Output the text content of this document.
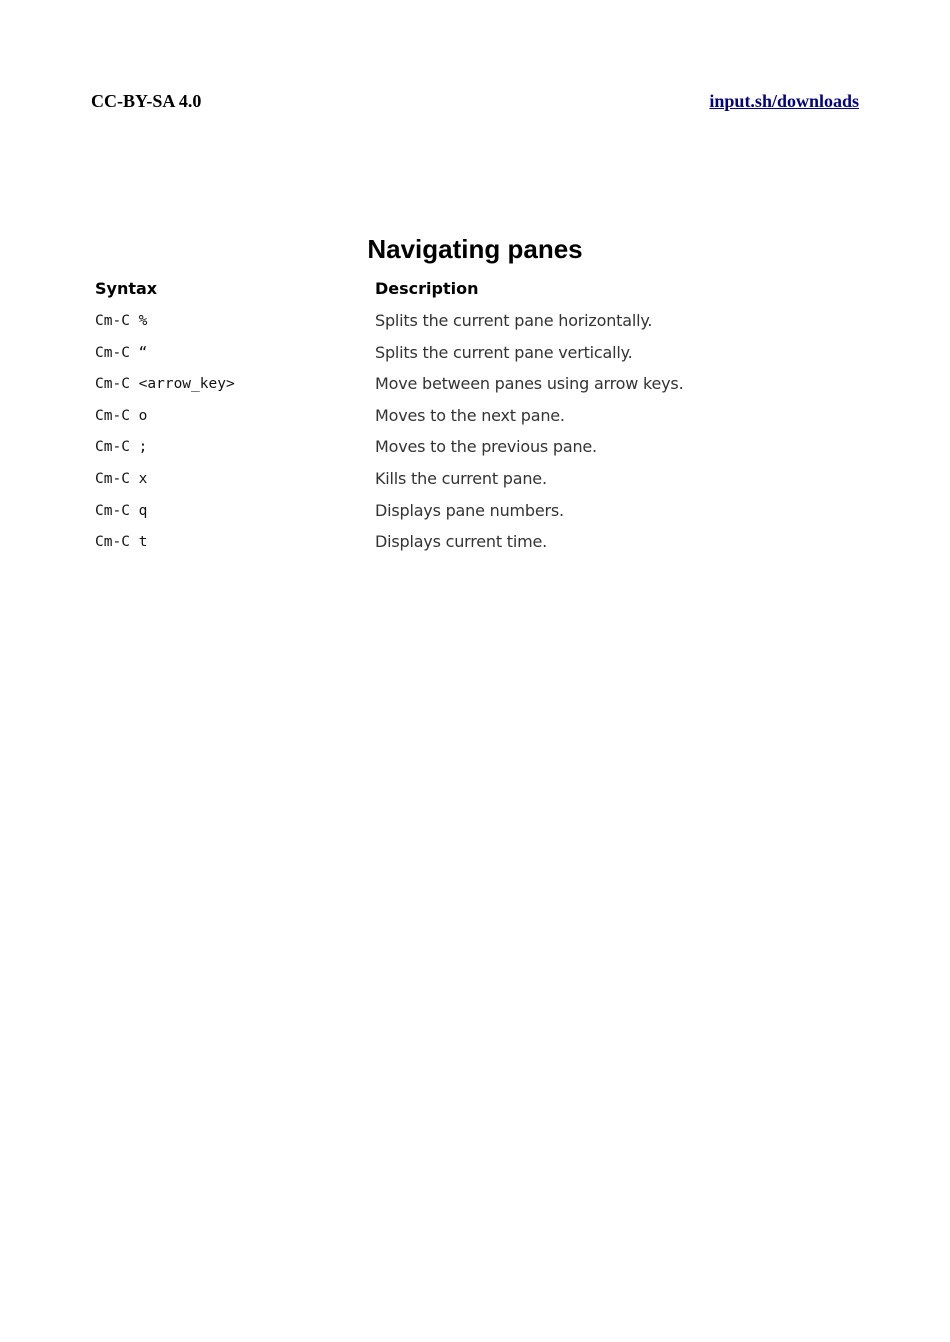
CC-BY-SA 4.0	input.sh/downloads
Navigating panes
Syntax	Description
Cm-C %	Splits the current pane horizontally.
Cm-C “	Splits the current pane vertically.
Cm-C <arrow_key>	Move between panes using arrow keys.
Cm-C o	Moves to the next pane.
Cm-C ;	Moves to the previous pane.
Cm-C x	Kills the current pane.
Cm-C q	Displays pane numbers.
Cm-C t	Displays current time.
